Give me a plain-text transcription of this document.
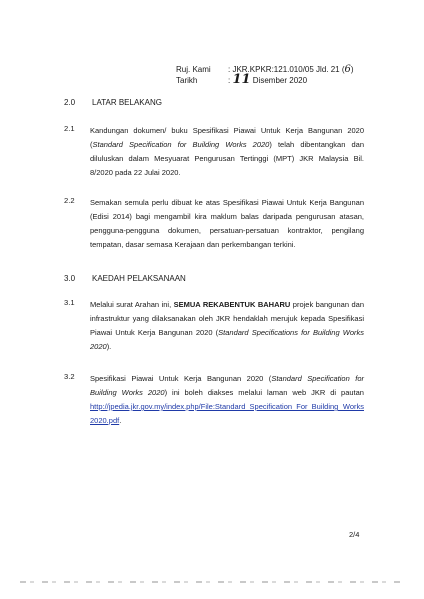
Ruj. Kami	: JKR.KPKR:121.010/05 Jld. 21 (6)
Tarikh	: 11 Disember 2020
2.0	LATAR BELAKANG
2.1	Kandungan dokumen/ buku Spesifikasi Piawai Untuk Kerja Bangunan 2020 (Standard Specification for Building Works 2020) telah dibentangkan dan diluluskan dalam Mesyuarat Pengurusan Tertinggi (MPT) JKR Malaysia Bil. 8/2020 pada 22 Julai 2020.
2.2	Semakan semula perlu dibuat ke atas Spesifikasi Piawai Untuk Kerja Bangunan (Edisi 2014) bagi mengambil kira maklum balas daripada pengurusan atasan, pengguna-pengguna dokumen, persatuan-persatuan kontraktor, pengilang tempatan, dasar semasa Kerajaan dan perkembangan terkini.
3.0	KAEDAH PELAKSANAAN
3.1	Melalui surat Arahan ini, SEMUA REKABENTUK BAHARU projek bangunan dan infrastruktur yang dilaksanakan oleh JKR hendaklah merujuk kepada Spesifikasi Piawai Untuk Kerja Bangunan 2020 (Standard Specifications for Building Works 2020).
3.2	Spesifikasi Piawai Untuk Kerja Bangunan 2020 (Standard Specification for Building Works 2020) ini boleh diakses melalui laman web JKR di pautan http://jpedia.jkr.gov.my/index.php/File:Standard_Specification_For_Building Works 2020.pdf.
2/4
